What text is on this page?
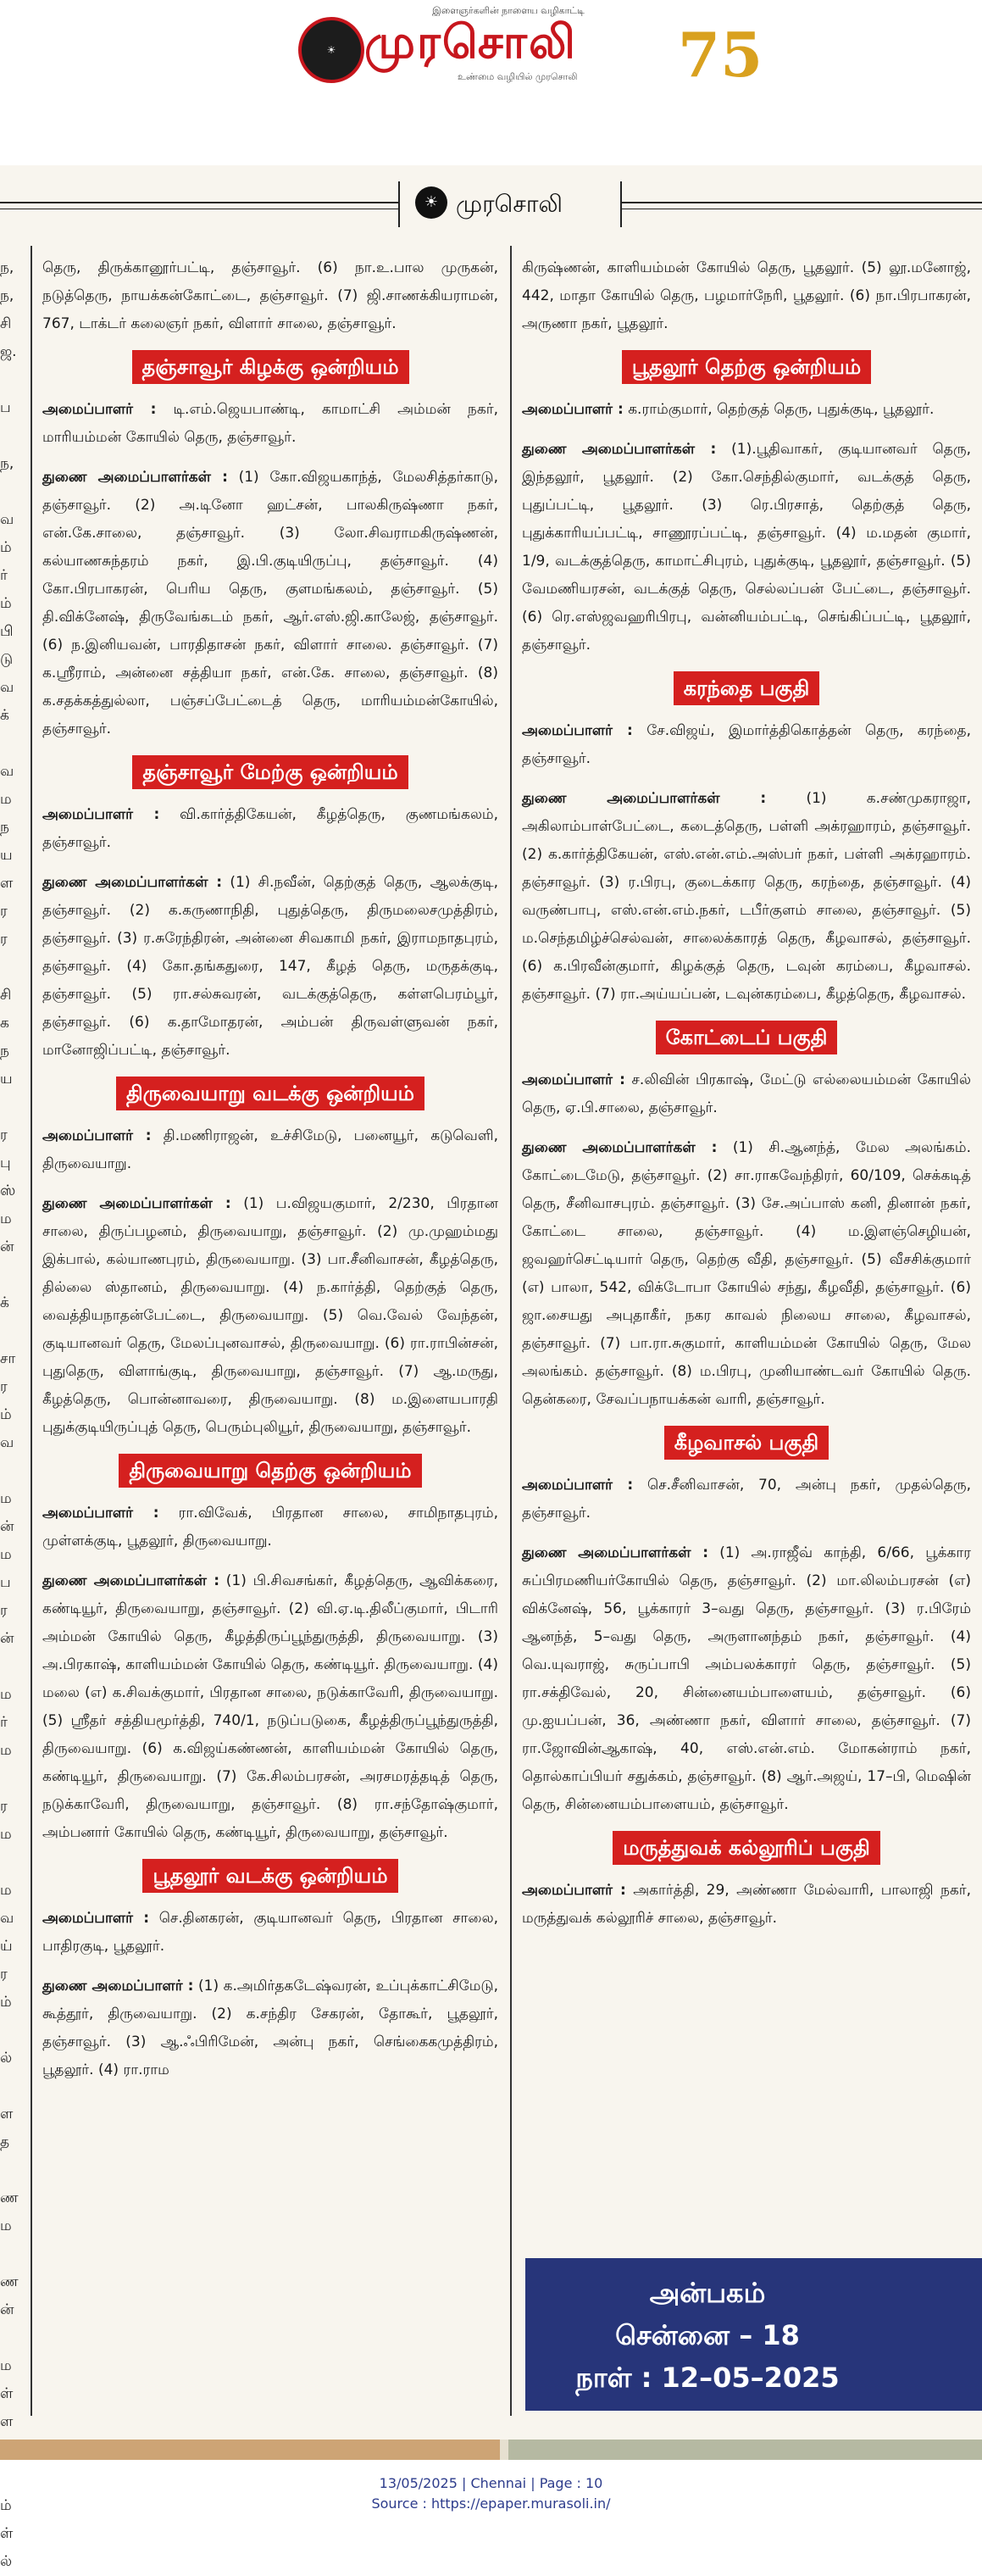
இளைஞர்களின் நாளைய வழிகாட்டி
☀ முரசொலி
உண்மை வழியில் முரசொலி 75
☀ முரசொலி
ந,
ந,
சி
ஜ.

ப

ந,

வ
ம்
ர்
ம்
பி
டு
வ
க்

வ
ம
ந
ய
ள
ர
ர

சி
க
ந
ய

ர
பு
ஸ்
ம
ன்

க்

சா
ர
ம்
வ

ம
ன்
ம
ப
ர
ன்

ம
ர்
ம

ர
ம

ம
வ
ய்
ர
ம்

ல்

ள
த

ண
ம

ண
ன்

ம
ள்
ள

ம்
ள்
ல்

தெரு, திருக்கானூர்பட்டி, தஞ்சாவூர். (6) நா.உ.பால முருகன், நடுத்தெரு, நாயக்கன்கோட்டை, தஞ்சாவூர். (7) ஜி.சாணக்கியராமன், 767, டாக்டர் கலைஞர் நகர், விளார் சாலை, தஞ்சாவூர்.

தஞ்சாவூர் கிழக்கு ஒன்றியம்

அமைப்பாளர் : டி.எம்.ஜெயபாண்டி, காமாட்சி அம்மன் நகர், மாரியம்மன் கோயில் தெரு, தஞ்சாவூர்.

துணை அமைப்பாளர்கள் : (1) கோ.விஜயகாந்த், மேலசித்தர்காடு, தஞ்சாவூர். (2) அ.டினோ ஹட்சன், பாலகிருஷ்ணா நகர், என்.கே.சாலை, தஞ்சாவூர். (3) லோ.சிவராமகிருஷ்ணன், கல்யாணசுந்தரம் நகர், இ.பி.குடியிருப்பு, தஞ்சாவூர். (4) கோ.பிரபாகரன், பெரிய தெரு, குளமங்கலம், தஞ்சாவூர். (5) தி.விக்னேஷ், திருவேங்கடம் நகர், ஆர்.எஸ்.ஜி.காலேஜ், தஞ்சாவூர். (6) ந.இனியவன், பாரதிதாசன் நகர், விளார் சாலை. தஞ்சாவூர். (7) க.ஸ்ரீராம், அன்னை சத்தியா நகர், என்.கே. சாலை, தஞ்சாவூர். (8) க.சதக்கத்துல்லா, பஞ்சப்பேட்டைத் தெரு, மாரியம்மன்கோயில், தஞ்சாவூர்.

தஞ்சாவூர் மேற்கு ஒன்றியம்

அமைப்பாளர் : வி.கார்த்திகேயன், கீழத்தெரு, குணமங்கலம், தஞ்சாவூர்.

துணை அமைப்பாளர்கள் : (1) சி.நவீன், தெற்குத் தெரு, ஆலக்குடி, தஞ்சாவூர். (2) க.கருணாநிதி, புதுத்தெரு, திருமலைசமுத்திரம், தஞ்சாவூர். (3) ர.சுரேந்திரன், அன்னை சிவகாமி நகர், இராமநாதபுரம், தஞ்சாவூர். (4) கோ.தங்கதுரை, 147, கீழத் தெரு, மருதக்குடி, தஞ்சாவூர். (5) ரா.சல்சுவரன், வடக்குத்தெரு, கள்ளபெரம்பூர், தஞ்சாவூர். (6) க.தாமோதரன், அம்பன் திருவள்ளுவன் நகர், மானோஜிப்பட்டி, தஞ்சாவூர்.

திருவையாறு வடக்கு ஒன்றியம்

அமைப்பாளர் : தி.மணிராஜன், உச்சிமேடு, பனையூர், கடுவெளி, திருவையாறு.

துணை அமைப்பாளர்கள் : (1) ப.விஜயகுமார், 2/230, பிரதான சாலை, திருப்பழனம், திருவையாறு, தஞ்சாவூர். (2) மு.முஹம்மது இக்பால், கல்யாணபுரம், திருவையாறு. (3) பா.சீனிவாசன், கீழத்தெரு, தில்லை ஸ்தானம், திருவையாறு. (4) ந.கார்த்தி, தெற்குத் தெரு, வைத்தியநாதன்பேட்டை, திருவையாறு. (5) வெ.வேல் வேந்தன், குடியானவர் தெரு, மேலப்புனவாசல், திருவையாறு. (6) ரா.ராபின்சன், புதுதெரு, விளாங்குடி, திருவையாறு, தஞ்சாவூர். (7) ஆ.மருது, கீழத்தெரு, பொன்னாவரை, திருவையாறு. (8) ம.இளையபாரதி புதுக்குடியிருப்புத் தெரு, பெரும்புலியூர், திருவையாறு, தஞ்சாவூர்.

திருவையாறு தெற்கு ஒன்றியம்

அமைப்பாளர் : ரா.விவேக், பிரதான சாலை, சாமிநாதபுரம், முள்ளக்குடி, பூதலூர், திருவையாறு.

துணை அமைப்பாளர்கள் : (1) பி.சிவசங்கர், கீழத்தெரு, ஆவிக்கரை, கண்டியூர், திருவையாறு, தஞ்சாவூர். (2) வி.ஏ.டி.திலீப்குமார், பிடாரி அம்மன் கோயில் தெரு, கீழத்திருப்பூந்துருத்தி, திருவையாறு. (3) அ.பிரகாஷ், காளியம்மன் கோயில் தெரு, கண்டியூர். திருவையாறு. (4) மலை (எ) க.சிவக்குமார், பிரதான சாலை, நடுக்காவேரி, திருவையாறு. (5) ஸ்ரீதர் சத்தியமூர்த்தி, 740/1, நடுப்படுகை, கீழத்திருப்பூந்துருத்தி, திருவையாறு. (6) க.விஜய்கண்ணன், காளியம்மன் கோயில் தெரு, கண்டியூர், திருவையாறு. (7) கே.சிலம்பரசன், அரசமரத்தடித் தெரு, நடுக்காவேரி, திருவையாறு, தஞ்சாவூர். (8) ரா.சந்தோஷ்குமார், அம்பனார் கோயில் தெரு, கண்டியூர், திருவையாறு, தஞ்சாவூர்.

பூதலூர் வடக்கு ஒன்றியம்

அமைப்பாளர் : செ.தினகரன், குடியானவர் தெரு, பிரதான சாலை, பாதிரகுடி, பூதலூர்.

துணை அமைப்பாளர் : (1) க.அமிர்தகடேஷ்வரன், உப்புக்காட்சிமேடு, கூத்தூர், திருவையாறு. (2) க.சந்திர சேகரன், தோகூர், பூதலூர், தஞ்சாவூர். (3) ஆ.ஃபிரிமேன், அன்பு நகர், செங்கைகமுத்திரம், பூதலூர். (4) ரா.ராம

கிருஷ்ணன், காளியம்மன் கோயில் தெரு, பூதலூர். (5) லூ.மனோஜ், 442, மாதா கோயில் தெரு, பழமார்நேரி, பூதலூர். (6) நா.பிரபாகரன், அருணா நகர், பூதலூர்.

பூதலூர் தெற்கு ஒன்றியம்

அமைப்பாளர் : க.ராம்குமார், தெற்குத் தெரு, புதுக்குடி, பூதலூர்.

துணை அமைப்பாளர்கள் : (1).பூதிவாகர், குடியானவர் தெரு, இந்தலூர், பூதலூர். (2) கோ.செந்தில்குமார், வடக்குத் தெரு, புதுப்பட்டி, பூதலூர். (3) ரெ.பிரசாத், தெற்குத் தெரு, புதுக்காரியப்பட்டி, சாணூரப்பட்டி, தஞ்சாவூர். (4) ம.மதன் குமார், 1/9, வடக்குத்தெரு, காமாட்சிபுரம், புதுக்குடி, பூதலூர், தஞ்சாவூர். (5) வேமணியரசன், வடக்குத் தெரு, செல்லப்பன் பேட்டை, தஞ்சாவூர். (6) ரெ.எஸ்ஜவஹரிபிரபு, வன்னியம்பட்டி, செங்கிப்பட்டி, பூதலூர், தஞ்சாவூர்.

கரந்தை பகுதி

அமைப்பாளர் : சே.விஜய், இமார்த்திகொத்தன் தெரு, கரந்தை, தஞ்சாவூர்.

துணை அமைப்பாளர்கள் :	(1) க.சண்முகராஜா, அகிலாம்பாள்பேட்டை, கடைத்தெரு, பள்ளி அக்ரஹாரம், தஞ்சாவூர். (2) க.கார்த்திகேயன், எஸ்.என்.எம்.அஸ்பர் நகர், பள்ளி அக்ரஹாரம். தஞ்சாவூர். (3) ர.பிரபு, குடைக்கார தெரு, கரந்தை, தஞ்சாவூர். (4) வருண்பாபு, எஸ்.என்.எம்.நகர், டபீர்குளம் சாலை, தஞ்சாவூர். (5) ம.செந்தமிழ்ச்செல்வன், சாலைக்காரத் தெரு, கீழவாசல், தஞ்சாவூர். (6) க.பிரவீன்குமார், கிழக்குத் தெரு, டவுன் கரம்பை, கீழவாசல். தஞ்சாவூர். (7) ரா.அய்யப்பன், டவுன்கரம்பை, கீழத்தெரு, கீழவாசல்.

கோட்டைப் பகுதி

அமைப்பாளர் : ச.லிவின் பிரகாஷ், மேட்டு எல்லையம்மன் கோயில் தெரு, ஏ.பி.சாலை, தஞ்சாவூர்.

துணை அமைப்பாளர்கள் : (1) சி.ஆனந்த், மேல அலங்கம். கோட்டைமேடு, தஞ்சாவூர். (2) சா.ராகவேந்திரர், 60/109, செக்கடித் தெரு, சீனிவாசபுரம். தஞ்சாவூர். (3) சே.அப்பாஸ் கனி, தினான் நகர், கோட்டை சாலை, தஞ்சாவூர். (4) ம.இளஞ்செழியன், ஜவஹர்செட்டியார் தெரு, தெற்கு வீதி, தஞ்சாவூர். (5) வீசசிக்குமார் (எ) பாலா, 542, விக்டோபா கோயில் சந்து, கீழவீதி, தஞ்சாவூர். (6) ஜா.சையது அபுதாகீர், நகர காவல் நிலைய சாலை, கீழவாசல், தஞ்சாவூர். (7) பா.ரா.சுகுமார், காளியம்மன் கோயில் தெரு, மேல அலங்கம். தஞ்சாவூர். (8) ம.பிரபு, முனியாண்டவர் கோயில் தெரு. தென்கரை, சேவப்பநாயக்கன் வாரி, தஞ்சாவூர்.

கீழவாசல் பகுதி

அமைப்பாளர் : செ.சீனிவாசன், 70, அன்பு நகர், முதல்தெரு, தஞ்சாவூர்.

துணை அமைப்பாளர்கள் : (1) அ.ராஜீவ் காந்தி, 6/66, பூக்கார சுப்பிரமணியர்கோயில் தெரு, தஞ்சாவூர். (2) மா.லிலம்பரசன் (எ) விக்னேஷ், 56, பூக்காரர் 3–வது தெரு, தஞ்சாவூர். (3) ர.பிரேம் ஆனந்த், 5–வது தெரு, அருளானந்தம் நகர், தஞ்சாவூர். (4) வெ.யுவராஜ், சுருப்பாபி அம்பலக்காரர் தெரு, தஞ்சாவூர். (5) ரா.சக்திவேல், 20, சின்னையம்பாளையம், தஞ்சாவூர். (6) மு.ஐயப்பன், 36, அண்ணா நகர், விளார் சாலை, தஞ்சாவூர். (7) ரா.ஜோவின்ஆகாஷ், 40, எஸ்.என்.எம். மோகன்ராம் நகர், தொல்காப்பியர் சதுக்கம், தஞ்சாவூர். (8) ஆர்.அஜய், 17–பி, மெஷின் தெரு, சின்னையம்பாளையம், தஞ்சாவூர்.

மருத்துவக் கல்லூரிப் பகுதி

அமைப்பாளர் : அகார்த்தி, 29, அண்ணா மேல்வாரி, பாலாஜி நகர், மருத்துவக் கல்லூரிச் சாலை, தஞ்சாவூர்.

அன்பகம்
சென்னை – 18
நாள் : 12–05–2025
13/05/2025 | Chennai | Page : 10
Source : https://epaper.murasoli.in/
